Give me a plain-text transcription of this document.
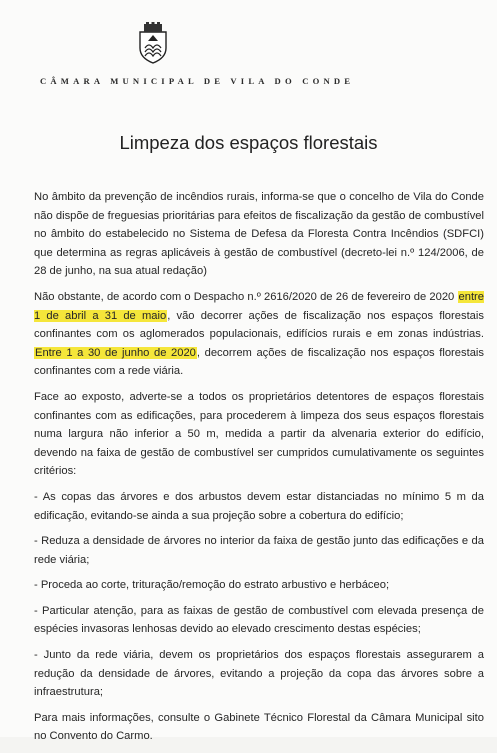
CÂMARA MUNICIPAL DE VILA DO CONDE
Limpeza dos espaços florestais

No âmbito da prevenção de incêndios rurais, informa-se que o concelho de Vila do Conde não dispõe de freguesias prioritárias para efeitos de fiscalização da gestão de combustível no âmbito do estabelecido no Sistema de Defesa da Floresta Contra Incêndios (SDFCI) que determina as regras aplicáveis à gestão de combustível (decreto-lei n.º 124/2006, de 28 de junho, na sua atual redação)

Não obstante, de acordo com o Despacho n.º 2616/2020 de 26 de fevereiro de 2020 entre 1 de abril a 31 de maio, vão decorrer ações de fiscalização nos espaços florestais confinantes com os aglomerados populacionais, edifícios rurais e em zonas indústrias. Entre 1 a 30 de junho de 2020, decorrem ações de fiscalização nos espaços florestais confinantes com a rede viária.

Face ao exposto, adverte-se a todos os proprietários detentores de espaços florestais confinantes com as edificações, para procederem à limpeza dos seus espaços florestais numa largura não inferior a 50 m, medida a partir da alvenaria exterior do edifício, devendo na faixa de gestão de combustível ser cumpridos cumulativamente os seguintes critérios:

- As copas das árvores e dos arbustos devem estar distanciadas no mínimo 5 m da edificação, evitando-se ainda a sua projeção sobre a cobertura do edifício;

- Reduza a densidade de árvores no interior da faixa de gestão junto das edificações e da rede viária;

- Proceda ao corte, trituração/remoção do estrato arbustivo e herbáceo;

- Particular atenção, para as faixas de gestão de combustível com elevada presença de espécies invasoras lenhosas devido ao elevado crescimento destas espécies;

- Junto da rede viária, devem os proprietários dos espaços florestais assegurarem a redução da densidade de árvores, evitando a projeção da copa das árvores sobre a infraestrutura;

Para mais informações, consulte o Gabinete Técnico Florestal da Câmara Municipal sito no Convento do Carmo.
